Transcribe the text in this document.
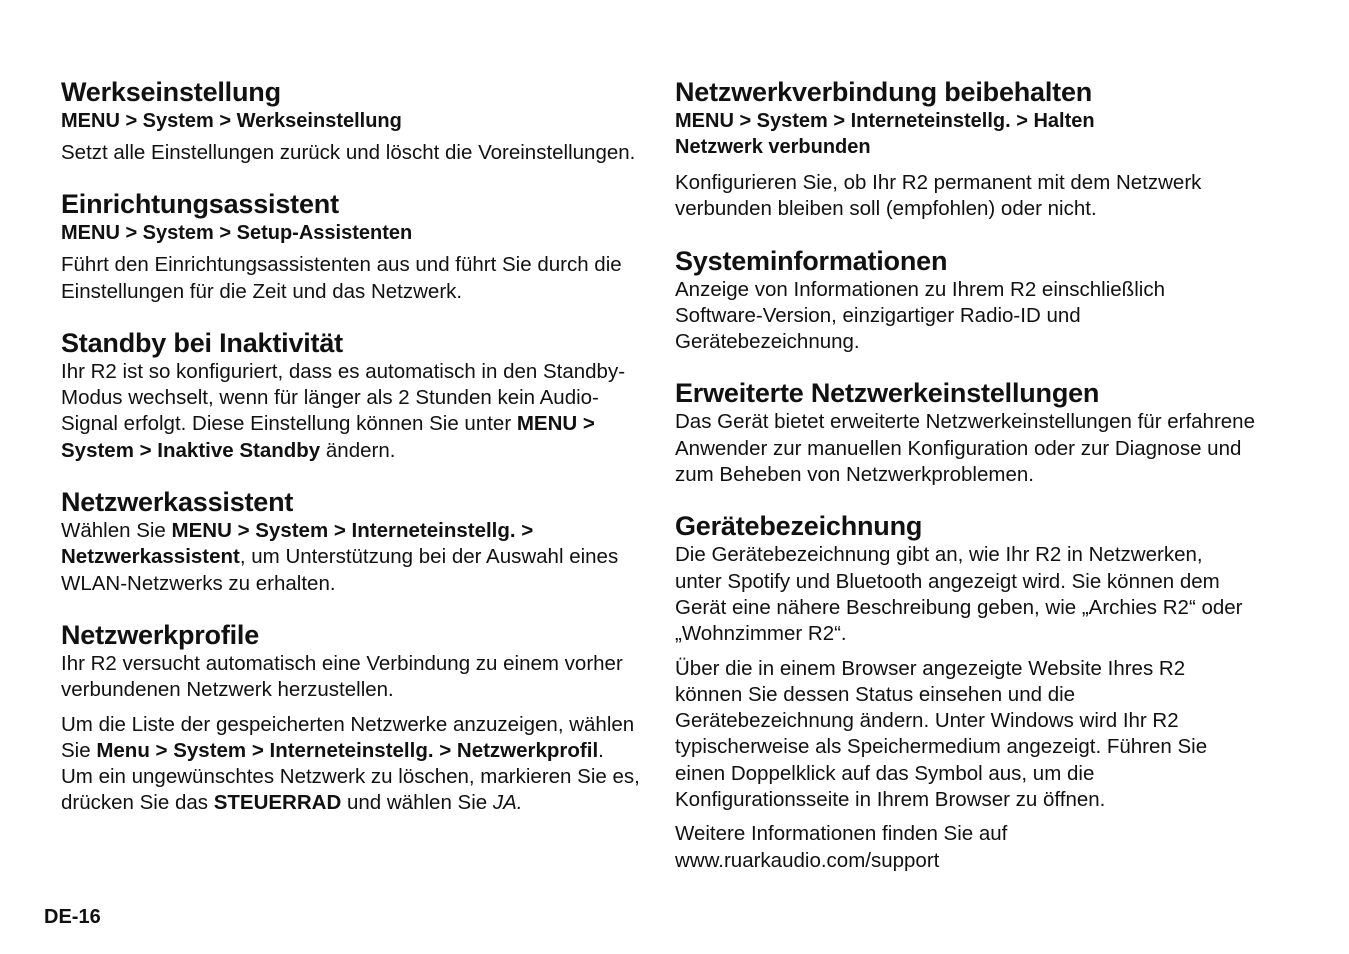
Werkseinstellung
MENU > System > Werkseinstellung

Setzt alle Einstellungen zurück und löscht die Voreinstellungen.

Einrichtungsassistent
MENU > System > Setup-Assistenten

Führt den Einrichtungsassistenten aus und führt Sie durch die Einstellungen für die Zeit und das Netzwerk.

Standby bei Inaktivität

Ihr R2 ist so konfiguriert, dass es automatisch in den Standby-Modus wechselt, wenn für länger als 2 Stunden kein Audio-Signal erfolgt. Diese Einstellung können Sie unter MENU > System > Inaktive Standby ändern.

Netzwerkassistent

Wählen Sie MENU > System > Interneteinstellg. > Netzwerkassistent, um Unterstützung bei der Auswahl eines WLAN-Netzwerks zu erhalten.

Netzwerkprofile

Ihr R2 versucht automatisch eine Verbindung zu einem vorher verbundenen Netzwerk herzustellen.

Um die Liste der gespeicherten Netzwerke anzuzeigen, wählen Sie Menu > System > Interneteinstellg. > Netzwerkprofil. Um ein ungewünschtes Netzwerk zu löschen, markieren Sie es, drücken Sie das STEUERRAD und wählen Sie JA.

Netzwerkverbindung beibehalten
MENU > System > Interneteinstellg. > Halten Netzwerk verbunden

Konfigurieren Sie, ob Ihr R2 permanent mit dem Netzwerk verbunden bleiben soll (empfohlen) oder nicht.

Systeminformationen

Anzeige von Informationen zu Ihrem R2 einschließlich Software-Version, einzigartiger Radio-ID und Gerätebezeichnung.

Erweiterte Netzwerkeinstellungen

Das Gerät bietet erweiterte Netzwerkeinstellungen für erfahrene Anwender zur manuellen Konfiguration oder zur Diagnose und zum Beheben von Netzwerkproblemen.

Gerätebezeichnung

Die Gerätebezeichnung gibt an, wie Ihr R2 in Netzwerken, unter Spotify und Bluetooth angezeigt wird. Sie können dem Gerät eine nähere Beschreibung geben, wie „Archies R2“ oder „Wohnzimmer R2“.

Über die in einem Browser angezeigte Website Ihres R2 können Sie dessen Status einsehen und die Gerätebezeichnung ändern. Unter Windows wird Ihr R2 typischerweise als Speichermedium angezeigt. Führen Sie einen Doppelklick auf das Symbol aus, um die Konfigurationsseite in Ihrem Browser zu öffnen.

Weitere Informationen finden Sie auf www.ruarkaudio.com/support

DE-16
